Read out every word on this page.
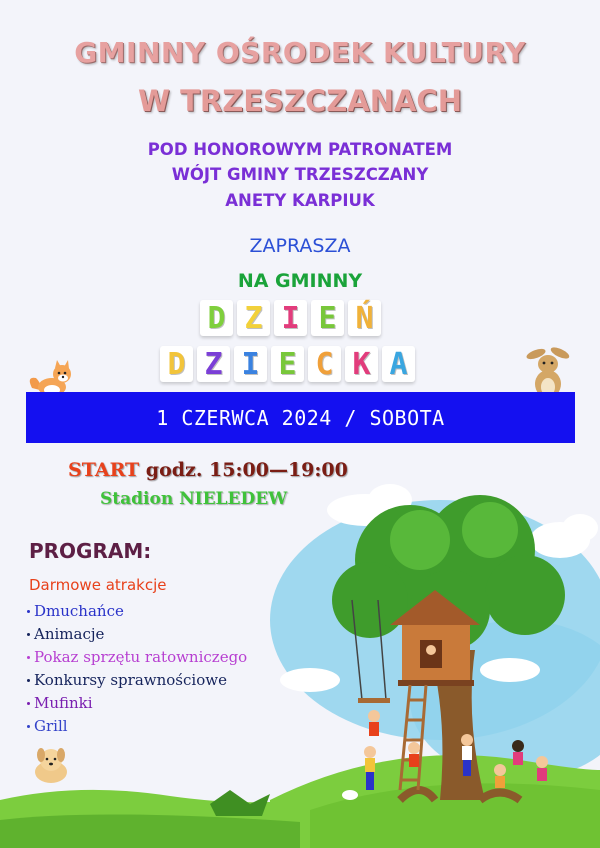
GMINNY OŚRODEK KULTURY
W TRZESZCZANACH
POD HONOROWYM PATRONATEM
WÓJT GMINY TRZESZCZANY
ANETY KARPIUK
ZAPRASZA
NA GMINNY
D Z I E Ń
D Z I E C K A
1 CZERWCA 2024 / SOBOTA
START godz. 15:00—19:00
Stadion NIELEDEW
PROGRAM:
Darmowe atrakcje
Dmuchańce
Animacje
Pokaz sprzętu ratowniczego
Konkursy sprawnościowe
Mufinki
Grill
